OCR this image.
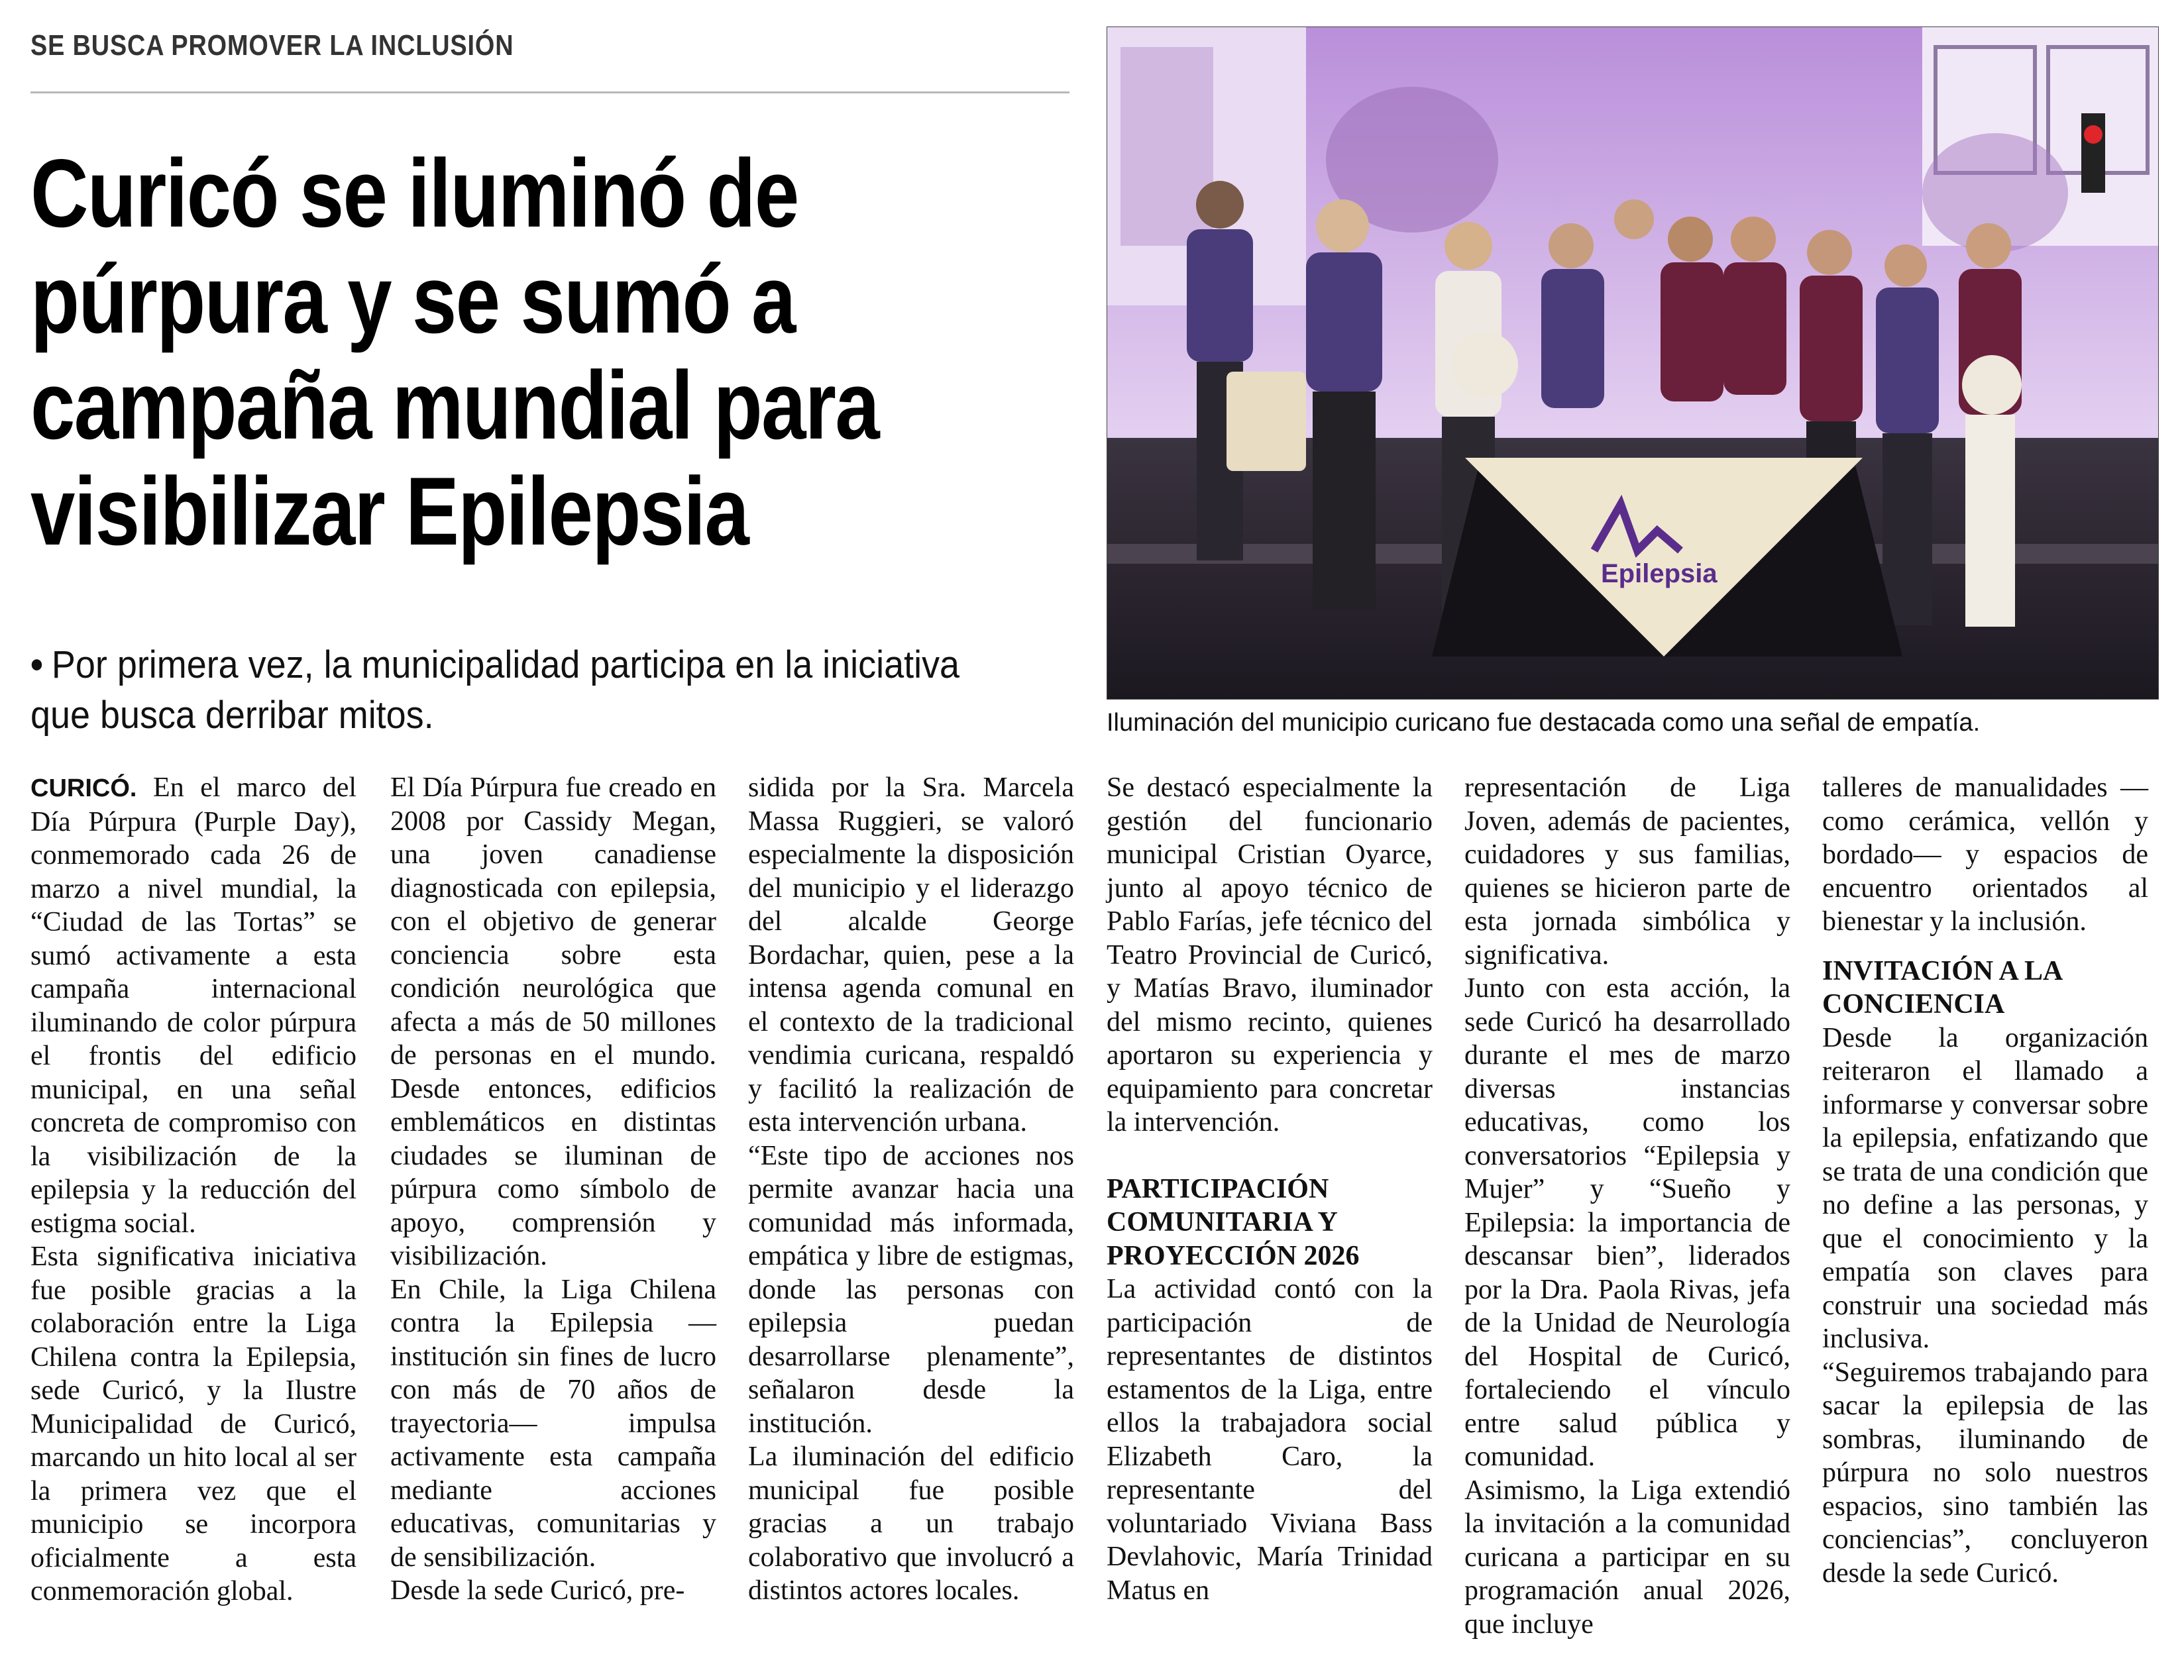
SE BUSCA PROMOVER LA INCLUSIÓN
Curicó se iluminó de
púrpura y se sumó a
campaña mundial para
visibilizar Epilepsia
• Por primera vez, la municipalidad participa en la iniciativa que busca derribar mitos.
Epilepsia
Iluminación del municipio curicano fue destacada como una señal de empatía.

CURICÓ. En el marco del Día Púrpura (Purple Day), conmemorado cada 26 de marzo a nivel mundial, la “Ciudad de las Tortas” se sumó activamente a esta campaña internacional iluminando de color púrpura el frontis del edificio municipal, en una señal concreta de compromiso con la visibilización de la epilepsia y la reducción del estigma social.

Esta significativa iniciativa fue posible gracias a la colaboración entre la Liga Chilena contra la Epilepsia, sede Curicó, y la Ilustre Municipalidad de Curicó, marcando un hito local al ser la primera vez que el municipio se incorpora oficialmente a esta conmemoración global.

El Día Púrpura fue creado en 2008 por Cassidy Megan, una joven canadiense diagnosticada con epilepsia, con el objetivo de generar conciencia sobre esta condición neurológica que afecta a más de 50 millones de personas en el mundo. Desde entonces, edificios emblemáticos en distintas ciudades se iluminan de púrpura como símbolo de apoyo, comprensión y visibilización.

En Chile, la Liga Chilena contra la Epilepsia —institución sin fines de lucro con más de 70 años de trayectoria— impulsa activamente esta campaña mediante acciones educativas, comunitarias y de sensibilización.

Desde la sede Curicó, pre-

sidida por la Sra. Marcela Massa Ruggieri, se valoró especialmente la disposición del municipio y el liderazgo del alcalde George Bordachar, quien, pese a la intensa agenda comunal en el contexto de la tradicional vendimia curicana, respaldó y facilitó la realización de esta intervención urbana.

“Este tipo de acciones nos permite avanzar hacia una comunidad más informada, empática y libre de estigmas, donde las personas con epilepsia puedan desarrollarse plenamente”, señalaron desde la institución.

La iluminación del edificio municipal fue posible gracias a un trabajo colaborativo que involucró a distintos actores locales.

Se destacó especialmente la gestión del funcionario municipal Cristian Oyarce, junto al apoyo técnico de Pablo Farías, jefe técnico del Teatro Provincial de Curicó, y Matías Bravo, iluminador del mismo recinto, quienes aportaron su experiencia y equipamiento para concretar la intervención.

PARTICIPACIÓN COMUNITARIA Y PROYECCIÓN 2026

La actividad contó con la participación de representantes de distintos estamentos de la Liga, entre ellos la trabajadora social Elizabeth Caro, la representante del voluntariado Viviana Bass Devlahovic, María Trinidad Matus en

representación de Liga Joven, además de pacientes, cuidadores y sus familias, quienes se hicieron parte de esta jornada simbólica y significativa.

Junto con esta acción, la sede Curicó ha desarrollado durante el mes de marzo diversas instancias educativas, como los conversatorios “Epilepsia y Mujer” y “Sueño y Epilepsia: la importancia de descansar bien”, liderados por la Dra. Paola Rivas, jefa de la Unidad de Neurología del Hospital de Curicó, fortaleciendo el vínculo entre salud pública y comunidad.

Asimismo, la Liga extendió la invitación a la comunidad curicana a participar en su programación anual 2026, que incluye

talleres de manualidades —como cerámica, vellón y bordado— y espacios de encuentro orientados al bienestar y la inclusión.

INVITACIÓN A LA CONCIENCIA

Desde la organización reiteraron el llamado a informarse y conversar sobre la epilepsia, enfatizando que se trata de una condición que no define a las personas, y que el conocimiento y la empatía son claves para construir una sociedad más inclusiva.

“Seguiremos trabajando para sacar la epilepsia de las sombras, iluminando de púrpura no solo nuestros espacios, sino también las conciencias”, concluyeron desde la sede Curicó.
